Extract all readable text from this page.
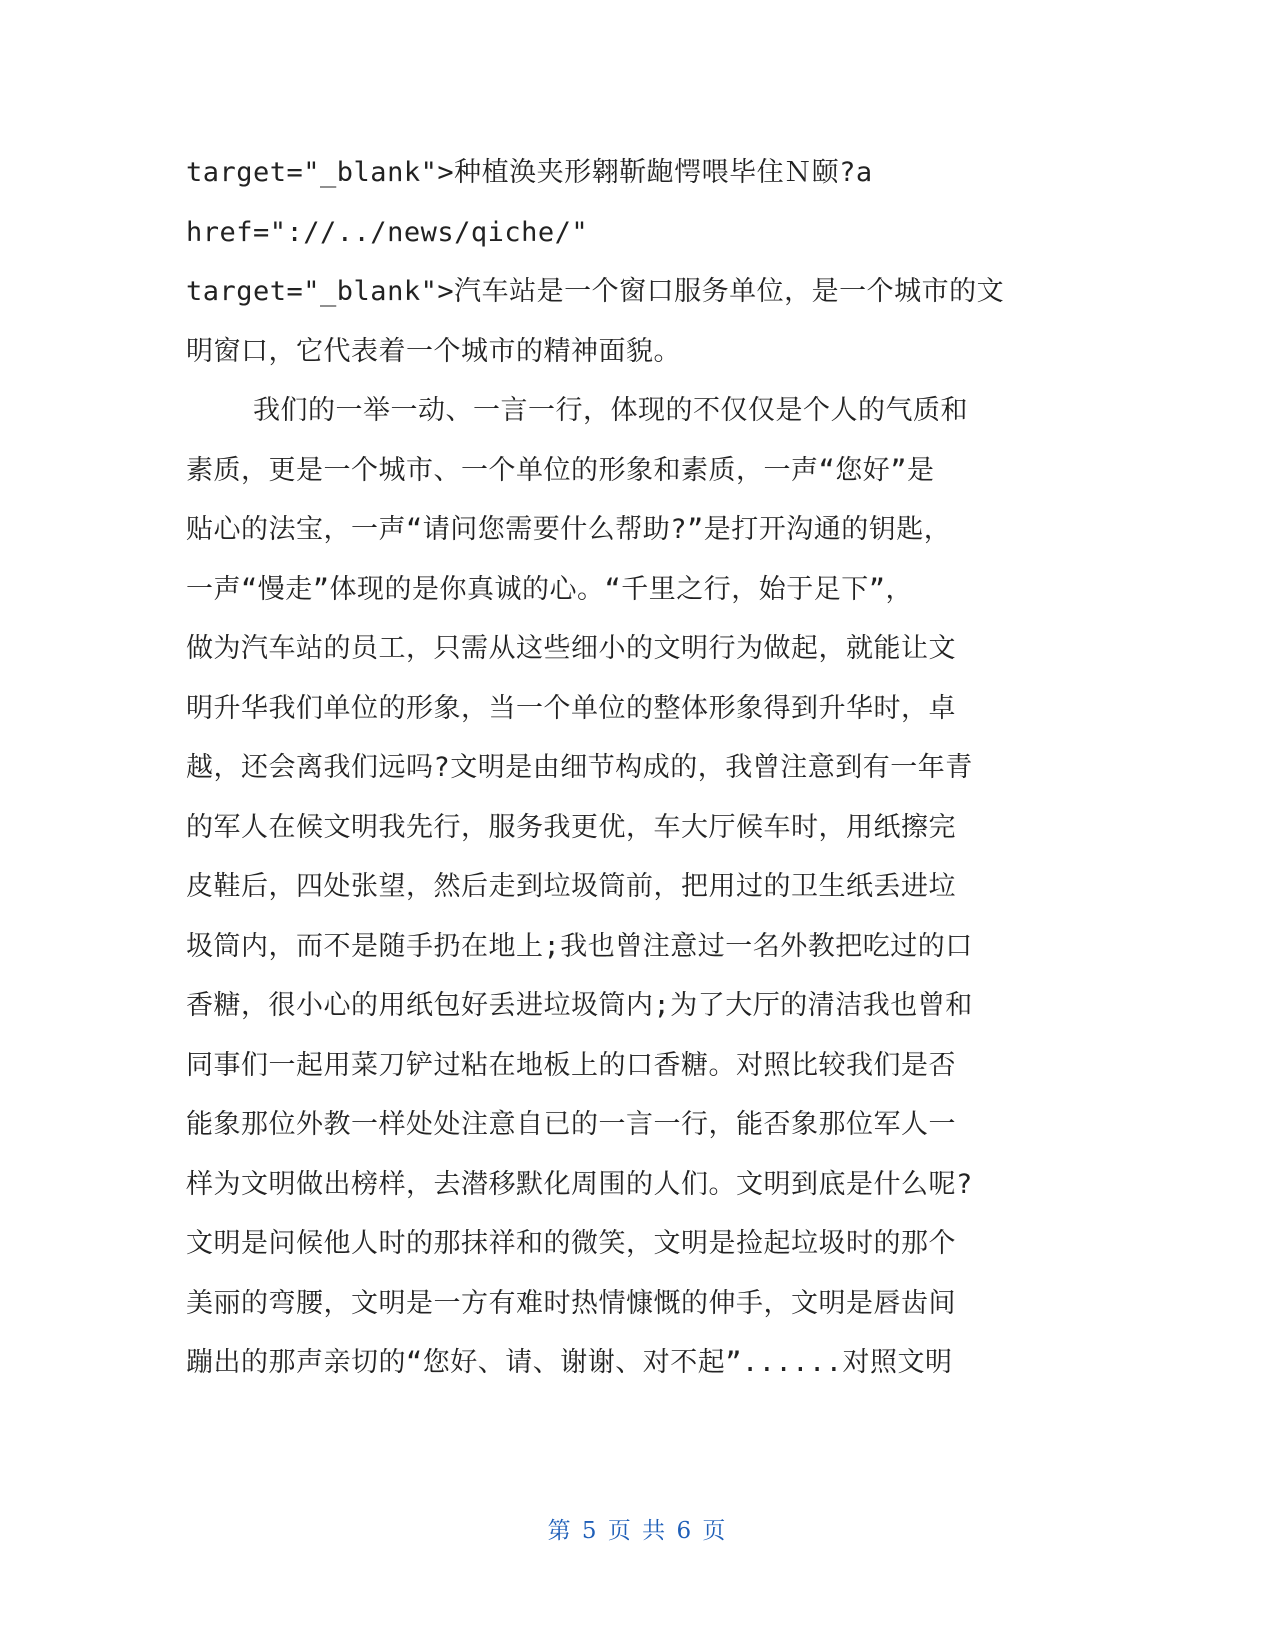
target="_blank">种植涣夹形翱靳龅愕喂毕住Ｎ颐?a
href="://../news/qiche/"
target="_blank">汽车站是一个窗口服务单位，是一个城市的文
明窗口，它代表着一个城市的精神面貌。
我们的一举一动、一言一行，体现的不仅仅是个人的气质和
素质，更是一个城市、一个单位的形象和素质，一声“您好”是
贴心的法宝，一声“请问您需要什么帮助?”是打开沟通的钥匙，
一声“慢走”体现的是你真诚的心。“千里之行，始于足下”，
做为汽车站的员工，只需从这些细小的文明行为做起，就能让文
明升华我们单位的形象，当一个单位的整体形象得到升华时，卓
越，还会离我们远吗?文明是由细节构成的，我曾注意到有一年青
的军人在候文明我先行，服务我更优，车大厅候车时，用纸擦完
皮鞋后，四处张望，然后走到垃圾筒前，把用过的卫生纸丢进垃
圾筒内，而不是随手扔在地上;我也曾注意过一名外教把吃过的口
香糖，很小心的用纸包好丢进垃圾筒内;为了大厅的清洁我也曾和
同事们一起用菜刀铲过粘在地板上的口香糖。对照比较我们是否
能象那位外教一样处处注意自已的一言一行，能否象那位军人一
样为文明做出榜样，去潜移默化周围的人们。文明到底是什么呢?
文明是问候他人时的那抹祥和的微笑，文明是捡起垃圾时的那个
美丽的弯腰，文明是一方有难时热情慷慨的伸手，文明是唇齿间
蹦出的那声亲切的“您好、请、谢谢、对不起”......对照文明
第 5 页 共 6 页
